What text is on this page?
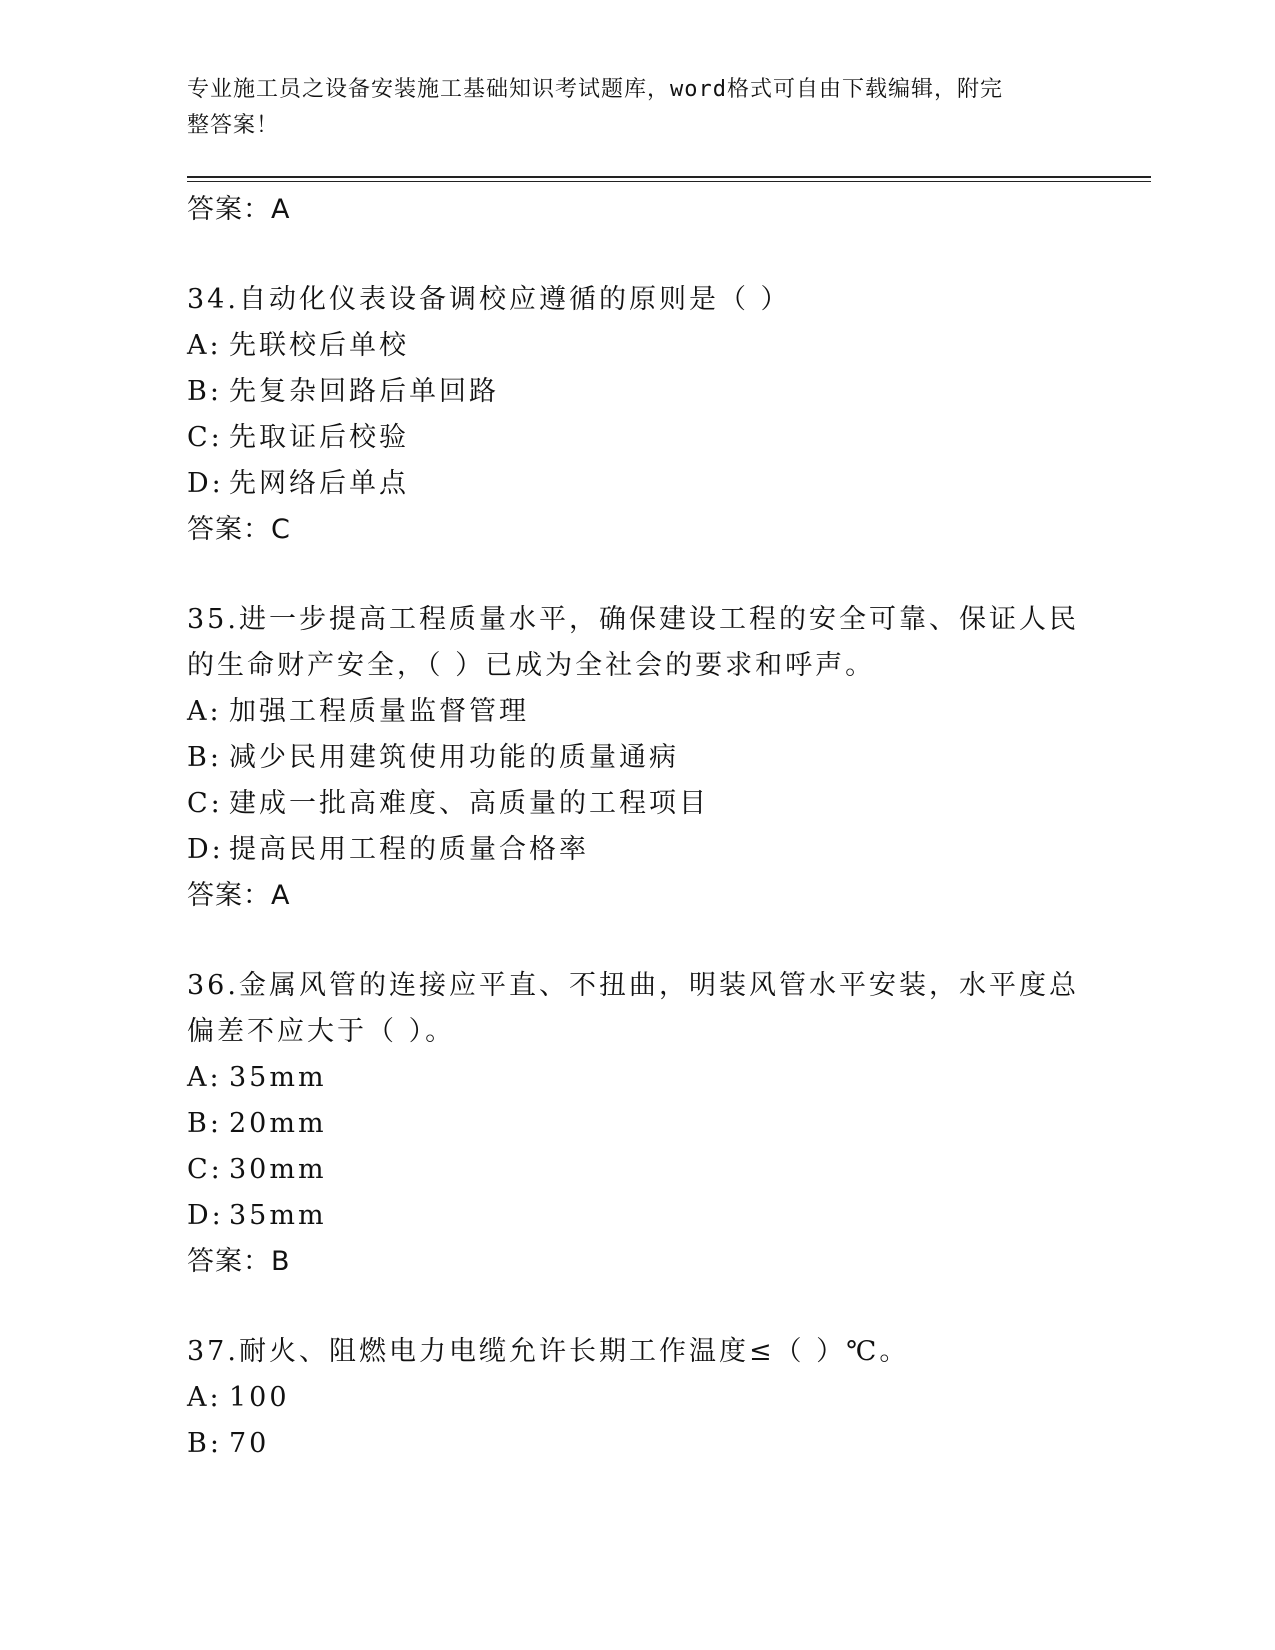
专业施工员之设备安装施工基础知识考试题库，word格式可自由下载编辑，附完
整答案！
答案：A
34.自动化仪表设备调校应遵循的原则是（ ）
A: 先联校后单校
B: 先复杂回路后单回路
C: 先取证后校验
D: 先网络后单点
答案：C
35.进一步提高工程质量水平，确保建设工程的安全可靠、保证人民的生命财产安全，（ ）已成为全社会的要求和呼声。
A: 加强工程质量监督管理
B: 减少民用建筑使用功能的质量通病
C: 建成一批高难度、高质量的工程项目
D: 提高民用工程的质量合格率
答案：A
36.金属风管的连接应平直、不扭曲，明装风管水平安装，水平度总偏差不应大于（ ）。
A: 35mm
B: 20mm
C: 30mm
D: 35mm
答案：B
37.耐火、阻燃电力电缆允许长期工作温度≤（ ）℃。
A: 100
B: 70
